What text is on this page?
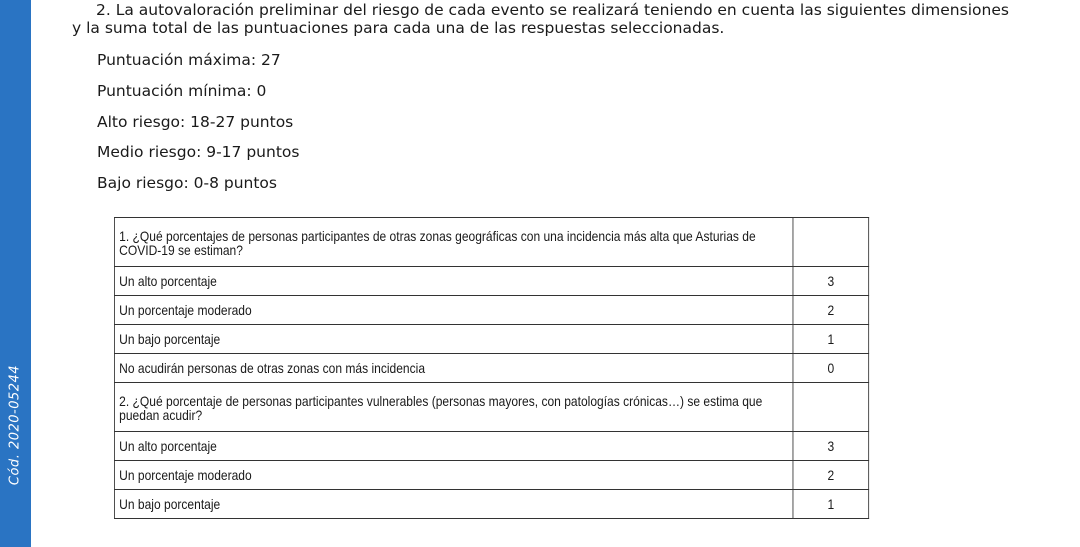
Cód. 2020-05244

2. La autovaloración preliminar del riesgo de cada evento se realizará teniendo en cuenta las siguientes dimensiones
y la suma total de las puntuaciones para cada una de las respuestas seleccionadas.

Puntuación máxima: 27

Puntuación mínima: 0

Alto riesgo: 18-27 puntos

Medio riesgo: 9-17 puntos

Bajo riesgo: 0-8 puntos

1. ¿Qué porcentajes de personas participantes de otras zonas geográficas con una incidencia más alta que Asturias de COVID-19 se estiman?	
Un alto porcentaje	3
Un porcentaje moderado	2
Un bajo porcentaje	1
No acudirán personas de otras zonas con más incidencia	0
2. ¿Qué porcentaje de personas participantes vulnerables (personas mayores, con patologías crónicas…) se estima que puedan acudir?	
Un alto porcentaje	3
Un porcentaje moderado	2
Un bajo porcentaje	1
